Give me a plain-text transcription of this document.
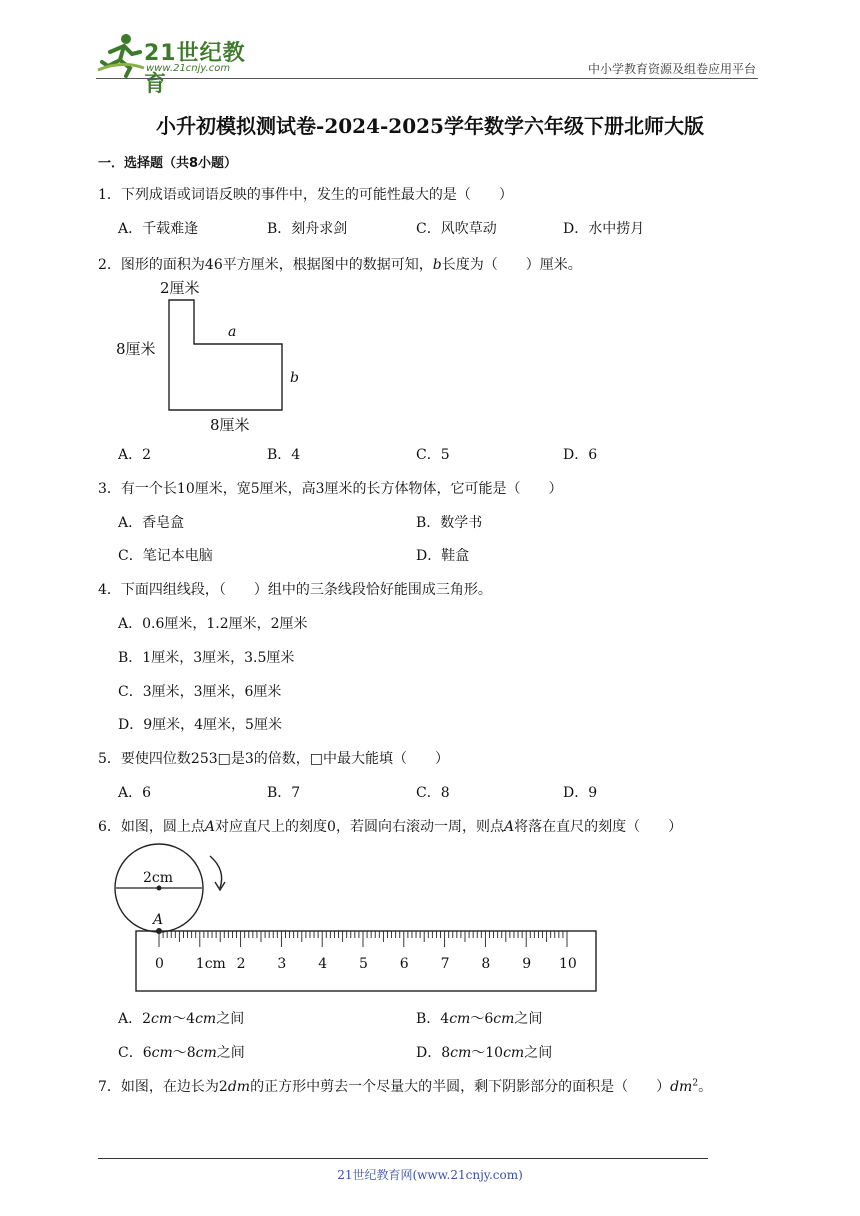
21世纪教育
www.21cnjy.com	中小学教育资源及组卷应用平台
小升初模拟测试卷-2024-2025学年数学六年级下册北师大版
一．选择题（共8小题）
1．下列成语或词语反映的事件中，发生的可能性最大的是（　　）
A．千载难逢	B．刻舟求剑	C．风吹草动	D．水中捞月
2．图形的面积为46平方厘米，根据图中的数据可知，b长度为（　　）厘米。
2厘米
8厘米
8厘米
a
b
A．2	B．4	C．5	D．6
3．有一个长10厘米，宽5厘米，高3厘米的长方体物体，它可能是（　　）
A．香皂盒	B．数学书
C．笔记本电脑	D．鞋盒
4．下面四组线段，（　　）组中的三条线段恰好能围成三角形。
A．0.6厘米，1.2厘米，2厘米
B．1厘米，3厘米，3.5厘米
C．3厘米，3厘米，6厘米
D．9厘米，4厘米，5厘米
5．要使四位数253□是3的倍数，□中最大能填（　　）
A．6	B．7	C．8	D．9
6．如图，圆上点A对应直尺上的刻度0，若圆向右滚动一周，则点A将落在直尺的刻度（　　）
2cm
A
0 1cm 2 3 4 5 6 7 8 9 10
A．2cm～4cm之间	B．4cm～6cm之间
C．6cm～8cm之间	D．8cm～10cm之间
7．如图，在边长为2dm的正方形中剪去一个尽量大的半圆，剩下阴影部分的面积是（　　）$dm^2$。
21世纪教育网(www.21cnjy.com)
